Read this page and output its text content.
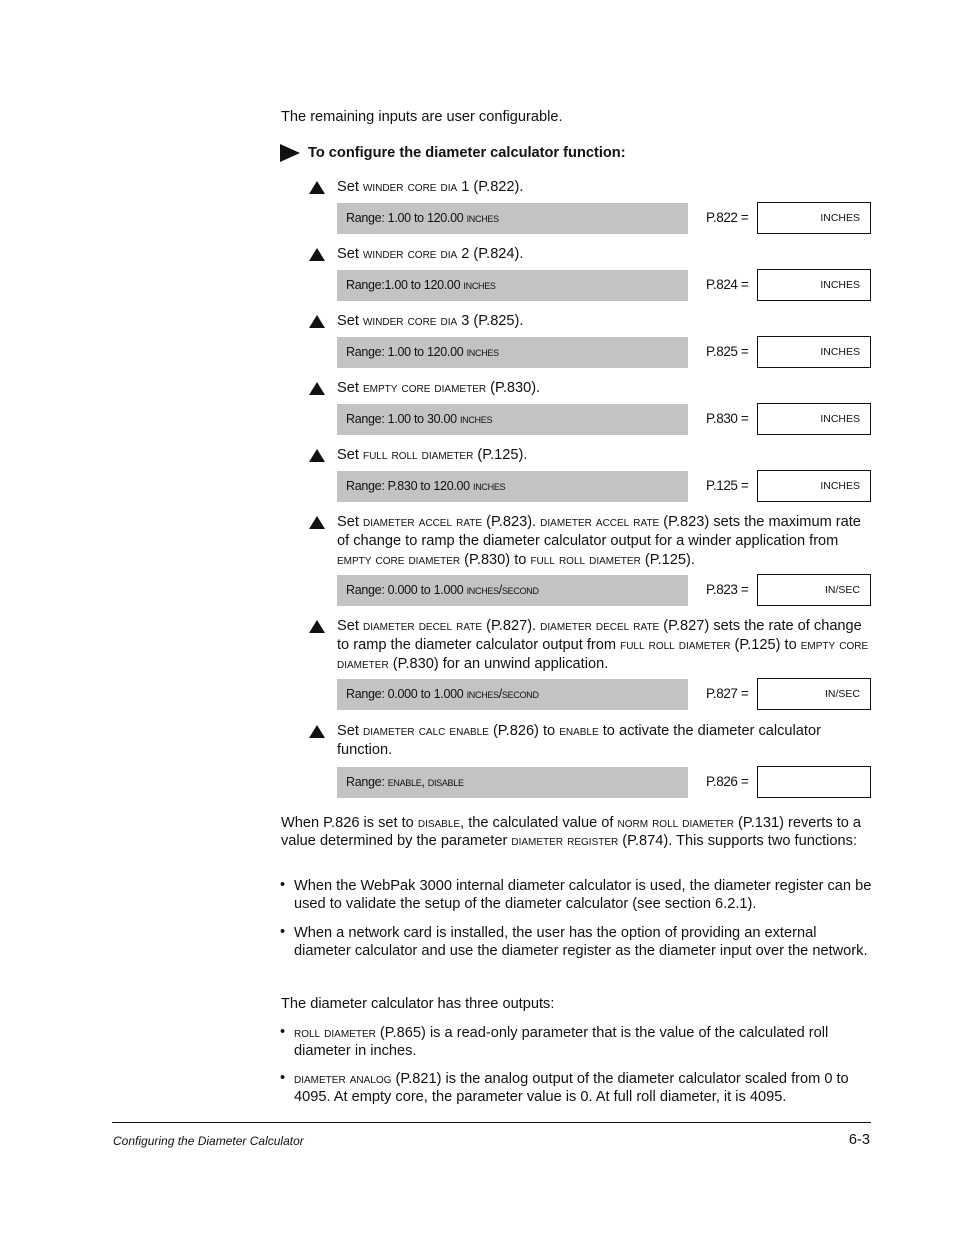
The remaining inputs are user configurable.

To configure the diameter calculator function:
Set winder core dia 1 (P.822).
Range: 1.00 to 120.00 inches	P.822 =	INCHES
Set winder core dia 2 (P.824).
Range:1.00 to 120.00 inches	P.824 =	INCHES
Set winder core dia 3 (P.825).
Range: 1.00 to 120.00 inches	P.825 =	INCHES
Set empty core diameter (P.830).
Range: 1.00 to 30.00 inches	P.830 =	INCHES
Set full roll diameter (P.125).
Range: P.830 to 120.00 inches	P.125 =	INCHES
Set diameter accel rate (P.823). diameter accel rate (P.823) sets the maximum rate of change to ramp the diameter calculator output for a winder application from empty core diameter (P.830) to full roll diameter (P.125).
Range: 0.000 to 1.000 inches/second	P.823 =	IN/SEC
Set diameter decel rate (P.827). diameter decel rate (P.827) sets the rate of change to ramp the diameter calculator output from full roll diameter (P.125) to empty core diameter (P.830) for an unwind application.
Range: 0.000 to 1.000 inches/second	P.827 =	IN/SEC
Set diameter calc enable (P.826) to enable to activate the diameter calculator function.
Range: enable, disable	P.826 =
When P.826 is set to disable, the calculated value of norm roll diameter (P.131) reverts to a value determined by the parameter diameter register (P.874). This supports two functions:
• When the WebPak 3000 internal diameter calculator is used, the diameter register can be used to validate the setup of the diameter calculator (see section 6.2.1).
• When a network card is installed, the user has the option of providing an external diameter calculator and use the diameter register as the diameter input over the network.
The diameter calculator has three outputs:
• roll diameter (P.865) is a read-only parameter that is the value of the calculated roll diameter in inches.
• diameter analog (P.821) is the analog output of the diameter calculator scaled from 0 to 4095. At empty core, the parameter value is 0. At full roll diameter, it is 4095.
Configuring the Diameter Calculator	6-3
